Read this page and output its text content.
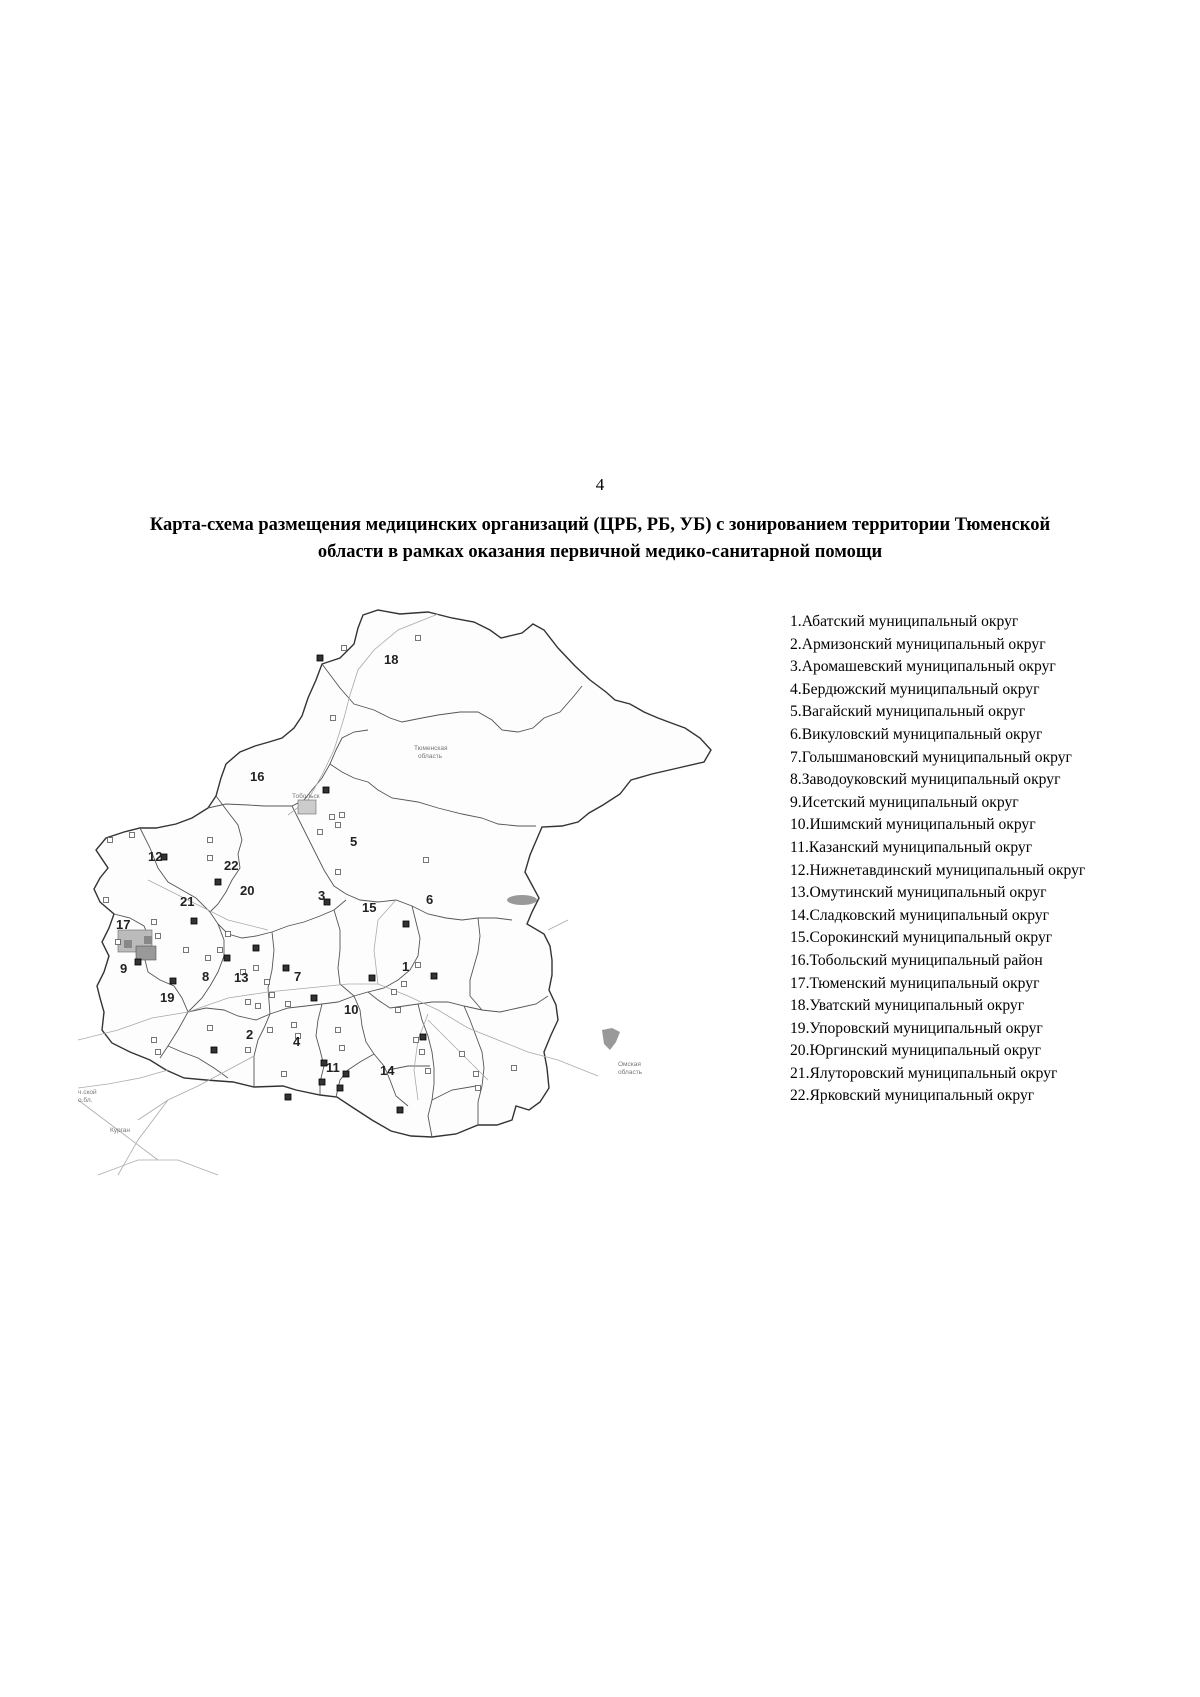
4
Карта-схема размещения медицинских организаций (ЦРБ, РБ, УБ) с зонированием территории Тюменской
области в рамках оказания первичной медико-санитарной помощи
Тюменская
область
Омская
область
Курган
Тобольск
ч.ской
о.бл.
1
2
3
4
5
6
7
8
9
10
11
12
13
14
15
16
17
18
19
20
21
22
1.Абатский муниципальный округ
2.Армизонский муниципальный округ
3.Аромашевский муниципальный округ
4.Бердюжский муниципальный округ
5.Вагайский муниципальный округ
6.Викуловский муниципальный округ
7.Голышмановский муниципальный округ
8.Заводоуковский муниципальный округ
9.Исетский муниципальный округ
10.Ишимский муниципальный округ
11.Казанский муниципальный округ
12.Нижнетавдинский муниципальный округ
13.Омутинский муниципальный округ
14.Сладковский муниципальный округ
15.Сорокинский муниципальный округ
16.Тобольский муниципальный район
17.Тюменский муниципальный округ
18.Уватский муниципальный округ
19.Упоровский муниципальный округ
20.Юргинский муниципальный округ
21.Ялуторовский муниципальный округ
22.Ярковский муниципальный округ
